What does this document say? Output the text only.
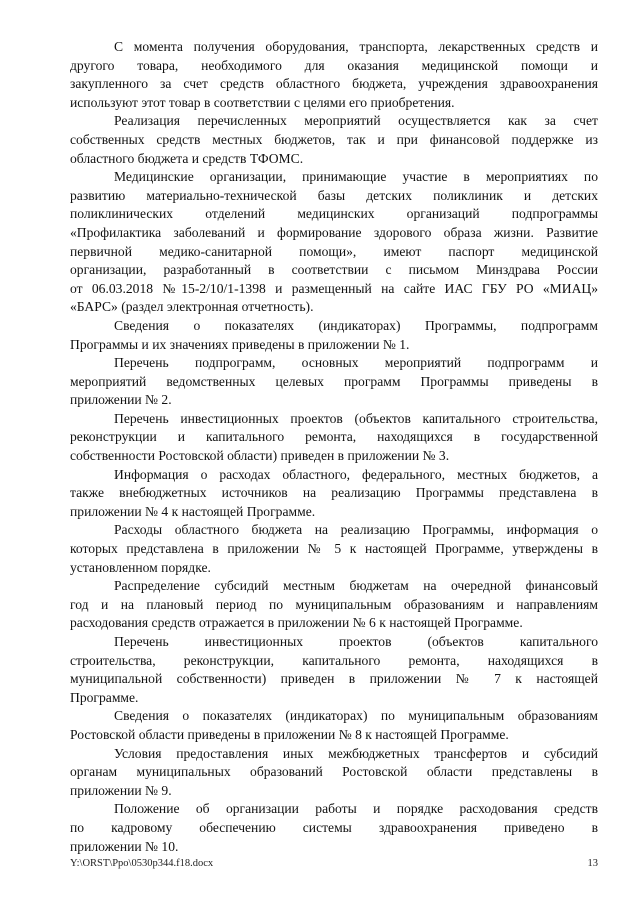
С момента получения оборудования, транспорта, лекарственных средств и
другого товара, необходимого для оказания медицинской помощи и
закупленного за счет средств областного бюджета, учреждения здравоохранения
используют этот товар в соответствии с целями его приобретения.
Реализация перечисленных мероприятий осуществляется как за счет
собственных средств местных бюджетов, так и при финансовой поддержке из
областного бюджета и средств ТФОМС.
Медицинские организации, принимающие участие в мероприятиях по
развитию материально-технической базы детских поликлиник и детских
поликлинических отделений медицинских организаций подпрограммы
«Профилактика заболеваний и формирование здорового образа жизни. Развитие
первичной медико-санитарной помощи», имеют паспорт медицинской
организации, разработанный в соответствии с письмом Минздрава России
от 06.03.2018 №15-2/10/1-1398 и размещенный на сайте ИАС ГБУ РО «МИАЦ»
«БАРС» (раздел электронная отчетность).
Сведения о показателях (индикаторах) Программы, подпрограмм
Программы и их значениях приведены в приложении № 1.
Перечень подпрограмм, основных мероприятий подпрограмм и
мероприятий ведомственных целевых программ Программы приведены в
приложении № 2.
Перечень инвестиционных проектов (объектов капитального строительства,
реконструкции и капитального ремонта, находящихся в государственной
собственности Ростовской области) приведен в приложении № 3.
Информация о расходах областного, федерального, местных бюджетов, а
также внебюджетных источников на реализацию Программы представлена в
приложении № 4 к настоящей Программе.
Расходы областного бюджета на реализацию Программы, информация о
которых представлена в приложении № 5 к настоящей Программе, утверждены в
установленном порядке.
Распределение субсидий местным бюджетам на очередной финансовый
год и на плановый период по муниципальным образованиям и направлениям
расходования средств отражается в приложении № 6 к настоящей Программе.
Перечень инвестиционных проектов (объектов капитального
строительства, реконструкции, капитального ремонта, находящихся в
муниципальной собственности) приведен в приложении № 7 к настоящей
Программе.
Сведения о показателях (индикаторах) по муниципальным образованиям
Ростовской области приведены в приложении № 8 к настоящей Программе.
Условия предоставления иных межбюджетных трансфертов и субсидий
органам муниципальных образований Ростовской области представлены в
приложении № 9.
Положение об организации работы и порядке расходования средств
по кадровому обеспечению системы здравоохранения приведено в
приложении № 10.
Y:\ORST\Ppo\0530p344.f18.docx	13
